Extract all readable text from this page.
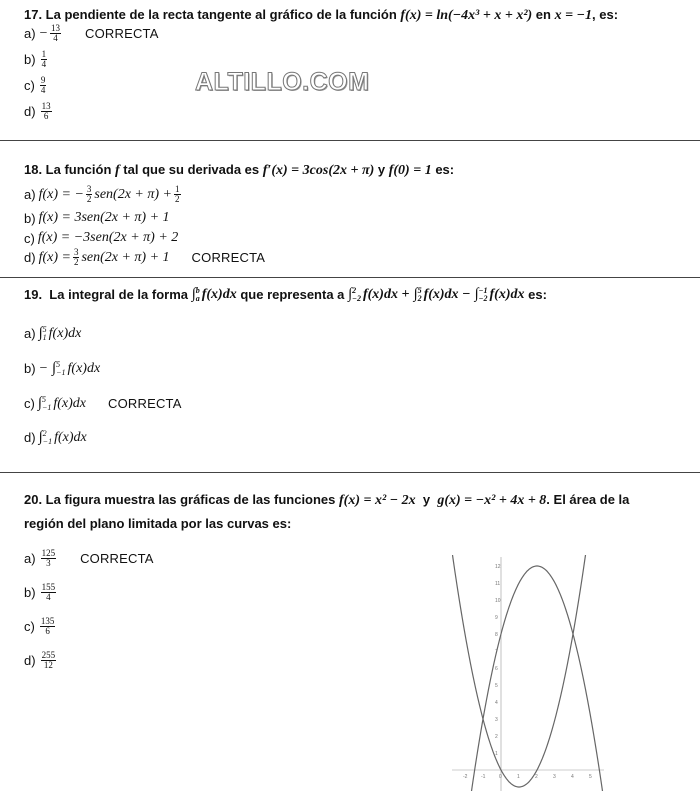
17. La pendiente de la recta tangente al gráfico de la función f(x) = ln(−4x³ + x + x²) en x = −1, es:
$a) - \frac{13}{4}$ CORRECTA
$b) \frac{1}{4}$
$c) \frac{9}{4}$
$d) \frac{13}{6}$
ALTILLO.COM
18. La función f tal que su derivada es f′(x) = 3cos(2x + π) y f(0) = 1 es:
a) f(x) = − $\frac{3}{2} sen(2x + \pi) + \frac{1}{2}$
b) f(x) = 3sen(2x + π) + 1
c) f(x) = −3sen(2x + π) + 2
d) $f(x) = \frac{3}{2} sen(2x + \pi) + 1$ CORRECTA
19.  La integral de la forma ∫ b
a f(x)dx que representa a ∫ 2
−2 f(x)dx + ∫ 5
2 f(x)dx − ∫ −1
−2 f(x)dx es:
a) ∫ 5
1 f(x)dx
b) − ∫ 5
−1 f(x)dx
c) ∫ 5
−1 f(x)dx CORRECTA
d) ∫ 2
−1 f(x)dx
20. La figura muestra las gráficas de las funciones f(x) = x² − 2x  y  g(x) = −x² + 4x + 8. El área de la
región del plano limitada por las curvas es:
$a) \frac{125}{3}$ CORRECTA
$b) \frac{155}{4}$
$c) \frac{135}{6}$
$d) \frac{255}{12}$
12
11
10
9
8
7
6
5
4
3
2
1
-2	-1	0	1	2	3	4	5
